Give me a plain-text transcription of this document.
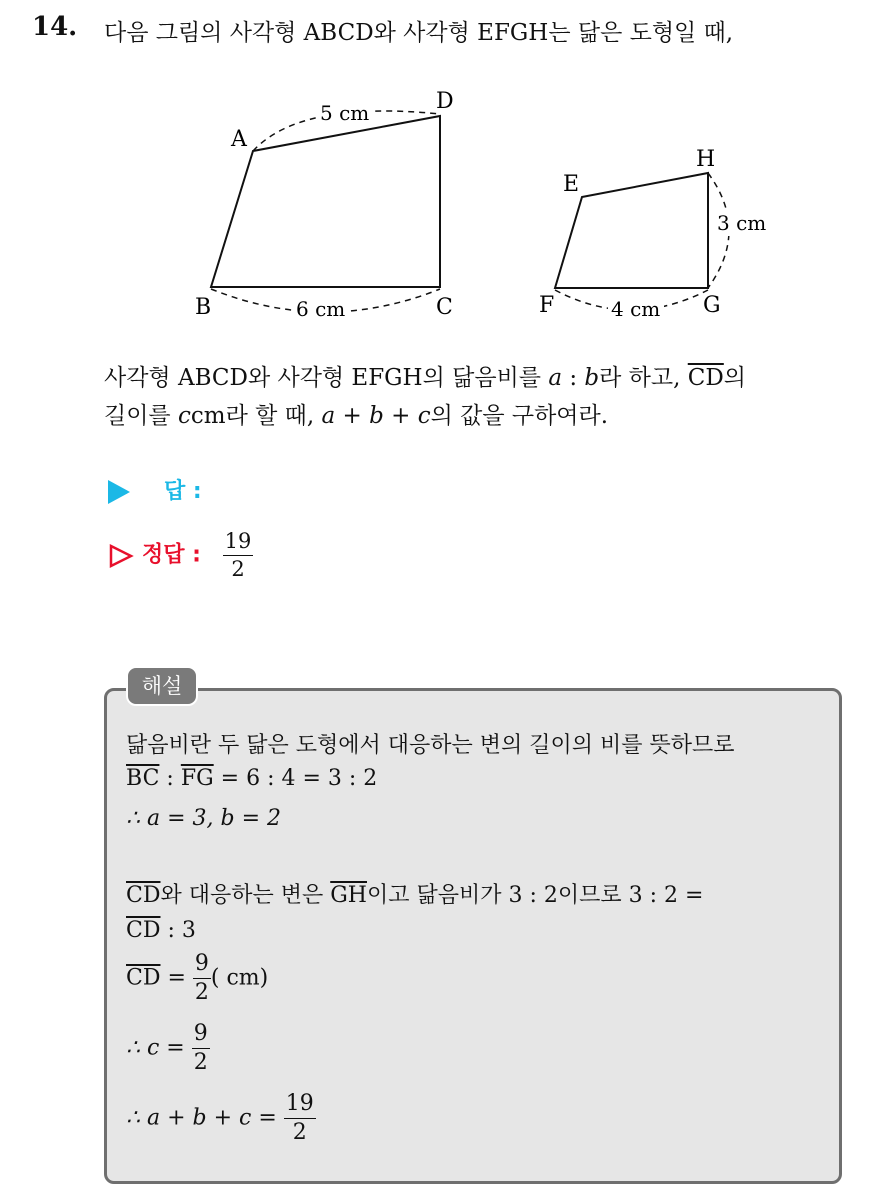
14. 다음 그림의 사각형 ABCD와 사각형 EFGH는 닮은 도형일 때,
A
D
B	C
5 cm
6 cm
E
H
F	G
3 cm
4 cm
사각형 ABCD와 사각형 EFGH의 닮음비를 a : b라 하고, $\overline{CD}$의
길이를 ccm라 할 때, a + b + c의 값을 구하여라.
답 :
정답 : $\frac{19}{2}$
해설
닮음비란 두 닮은 도형에서 대응하는 변의 길이의 비를 뜻하므로
$\overline{BC}$ : $\overline{FG} = 6$ : 4 = 3 : 2
∴ a = 3, b = 2
$\overline{CD}$와 대응하는 변은 $\overline{GH}$이고 닮음비가 3 : 2이므로 3 : 2 =
$\overline{CD}$ : 3
$\overline{CD} = \frac{9}{2}$ ( cm)
∴ $c = \frac{9}{2}$
∴ $a + b + c = \frac{19}{2}$
